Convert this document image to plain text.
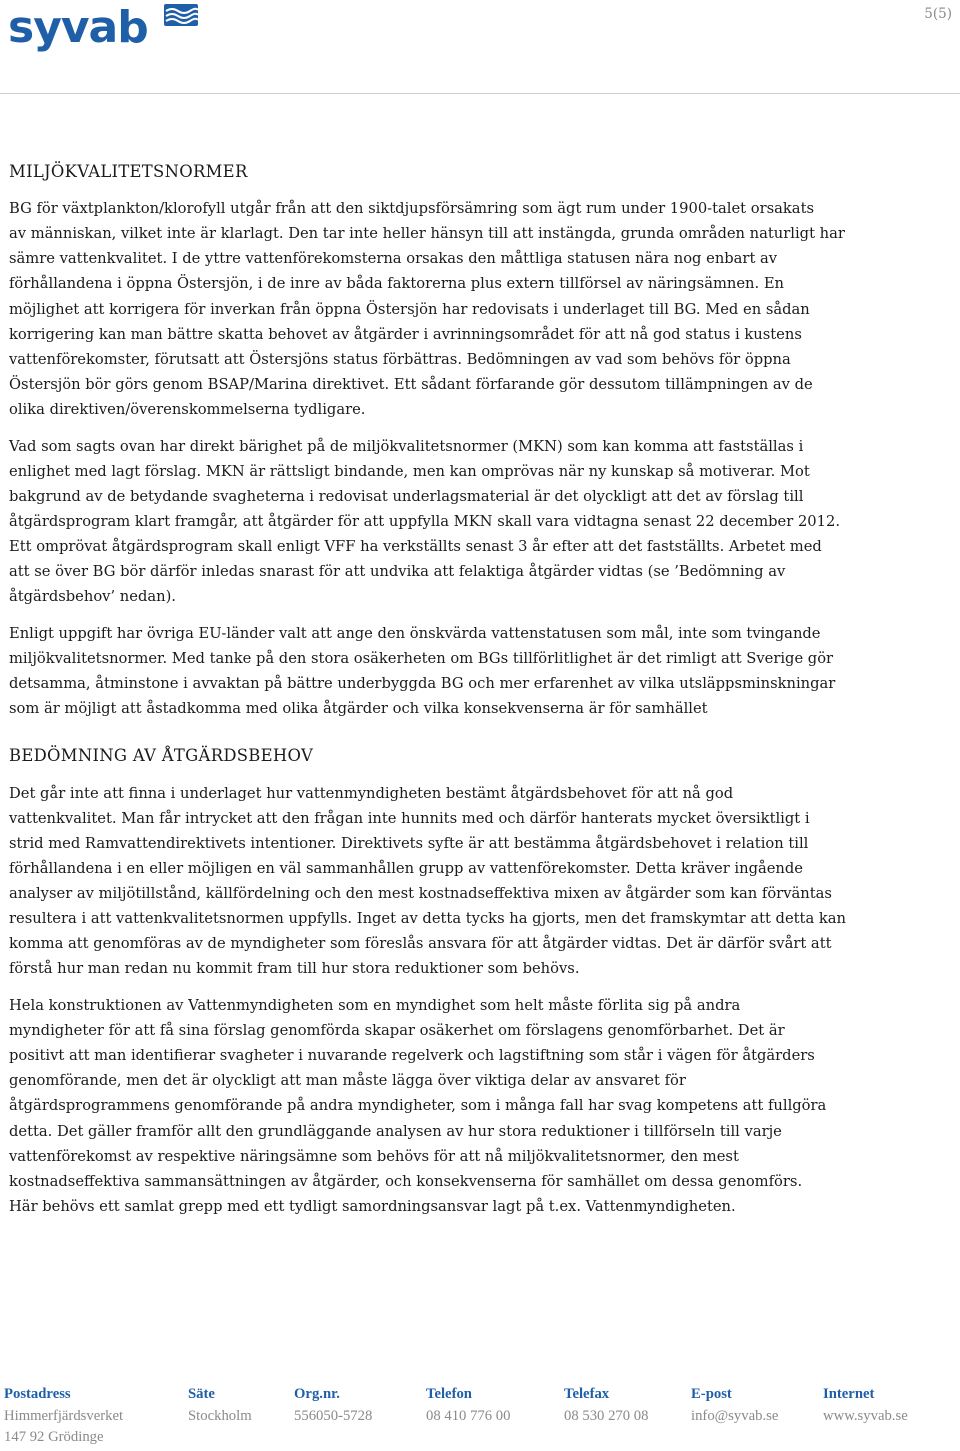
syvab	5(5)
MILJÖKVALITETSNORMER
BG för växtplankton/klorofyll utgår från att den siktdjupsförsämring som ägt rum under 1900-talet orsakats
av människan, vilket inte är klarlagt. Den tar inte heller hänsyn till att instängda, grunda områden naturligt har
sämre vattenkvalitet. I de yttre vattenförekomsterna orsakas den måttliga statusen nära nog enbart av
förhållandena i öppna Östersjön, i de inre av båda faktorerna plus extern tillförsel av näringsämnen. En
möjlighet att korrigera för inverkan från öppna Östersjön har redovisats i underlaget till BG. Med en sådan
korrigering kan man bättre skatta behovet av åtgärder i avrinningsområdet för att nå god status i kustens
vattenförekomster, förutsatt att Östersjöns status förbättras. Bedömningen av vad som behövs för öppna
Östersjön bör görs genom BSAP/Marina direktivet. Ett sådant förfarande gör dessutom tillämpningen av de
olika direktiven/överenskommelserna tydligare.
Vad som sagts ovan har direkt bärighet på de miljökvalitetsnormer (MKN) som kan komma att fastställas i
enlighet med lagt förslag. MKN är rättsligt bindande, men kan omprövas när ny kunskap så motiverar. Mot
bakgrund av de betydande svagheterna i redovisat underlagsmaterial är det olyckligt att det av förslag till
åtgärdsprogram klart framgår, att åtgärder för att uppfylla MKN skall vara vidtagna senast 22 december 2012.
Ett omprövat åtgärdsprogram skall enligt VFF ha verkställts senast 3 år efter att det fastställts. Arbetet med
att se över BG bör därför inledas snarast för att undvika att felaktiga åtgärder vidtas (se ’Bedömning av
åtgärdsbehov’ nedan).
Enligt uppgift har övriga EU-länder valt att ange den önskvärda vattenstatusen som mål, inte som tvingande
miljökvalitetsnormer. Med tanke på den stora osäkerheten om BGs tillförlitlighet är det rimligt att Sverige gör
detsamma, åtminstone i avvaktan på bättre underbyggda BG och mer erfarenhet av vilka utsläppsminskningar
som är möjligt att åstadkomma med olika åtgärder och vilka konsekvenserna är för samhället
BEDÖMNING AV ÅTGÄRDSBEHOV
Det går inte att finna i underlaget hur vattenmyndigheten bestämt åtgärdsbehovet för att nå god
vattenkvalitet. Man får intrycket att den frågan inte hunnits med och därför hanterats mycket översiktligt i
strid med Ramvattendirektivets intentioner. Direktivets syfte är att bestämma åtgärdsbehovet i relation till
förhållandena i en eller möjligen en väl sammanhållen grupp av vattenförekomster. Detta kräver ingående
analyser av miljötillstånd, källfördelning och den mest kostnadseffektiva mixen av åtgärder som kan förväntas
resultera i att vattenkvalitetsnormen uppfylls. Inget av detta tycks ha gjorts, men det framskymtar att detta kan
komma att genomföras av de myndigheter som föreslås ansvara för att åtgärder vidtas. Det är därför svårt att
förstå hur man redan nu kommit fram till hur stora reduktioner som behövs.
Hela konstruktionen av Vattenmyndigheten som en myndighet som helt måste förlita sig på andra
myndigheter för att få sina förslag genomförda skapar osäkerhet om förslagens genomförbarhet. Det är
positivt att man identifierar svagheter i nuvarande regelverk och lagstiftning som står i vägen för åtgärders
genomförande, men det är olyckligt att man måste lägga över viktiga delar av ansvaret för
åtgärdsprogrammens genomförande på andra myndigheter, som i många fall har svag kompetens att fullgöra
detta. Det gäller framför allt den grundläggande analysen av hur stora reduktioner i tillförseln till varje
vattenförekomst av respektive näringsämne som behövs för att nå miljökvalitetsnormer, den mest
kostnadseffektiva sammansättningen av åtgärder, och konsekvenserna för samhället om dessa genomförs.
Här behövs ett samlat grepp med ett tydligt samordningsansvar lagt på t.ex. Vattenmyndigheten.
Postadress
Himmerfjärdsverket
147 92 Grödinge
Säte
Stockholm
Org.nr.
556050-5728
Telefon
08 410 776 00
Telefax
08 530 270 08
E-post
info@syvab.se
Internet
www.syvab.se
